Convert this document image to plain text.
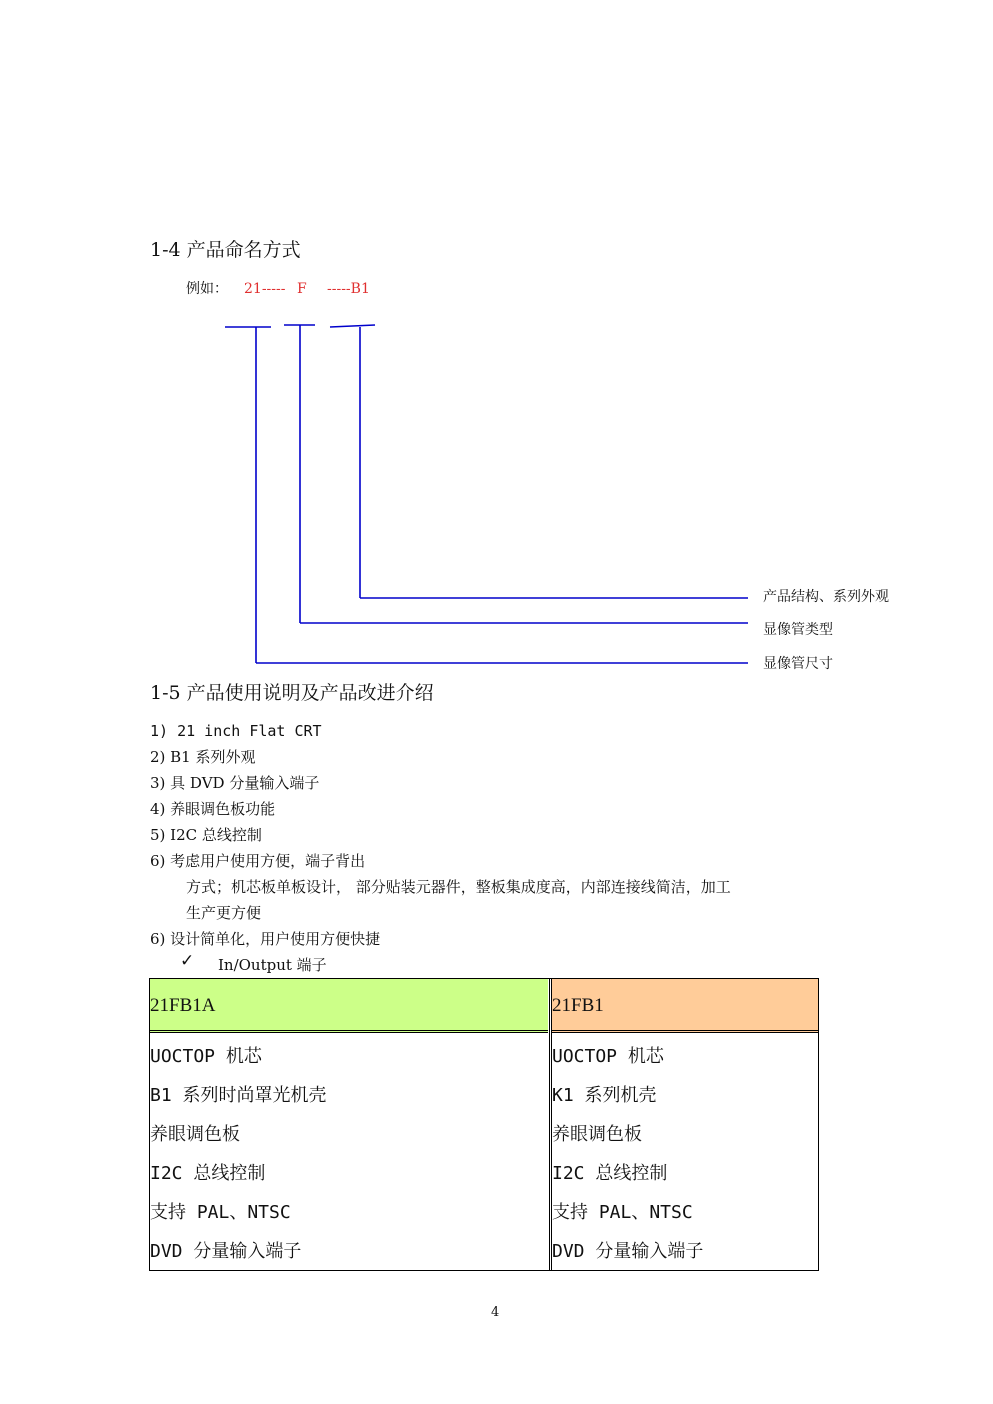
1-4 产品命名方式
例如： 21----- F -----B1
产品结构、系列外观
显像管类型
显像管尺寸
1-5 产品使用说明及产品改进介绍
1) 21 inch Flat CRT
2) B1 系列外观
3) 具 DVD 分量输入端子
4) 养眼调色板功能
5) I2C 总线控制
6) 考虑用户使用方便，端子背出
方式；机芯板单板设计， 部分贴装元器件，整板集成度高，内部连接线简洁，加工
生产更方便
6) 设计简单化，用户使用方便快捷
✓ In/Output 端子
21FB1A
UOCTOP 机芯
B1 系列时尚罩光机壳
养眼调色板
I2C 总线控制
支持 PAL、NTSC
DVD 分量输入端子
21FB1
UOCTOP 机芯
K1 系列机壳
养眼调色板
I2C 总线控制
支持 PAL、NTSC
DVD 分量输入端子
4
